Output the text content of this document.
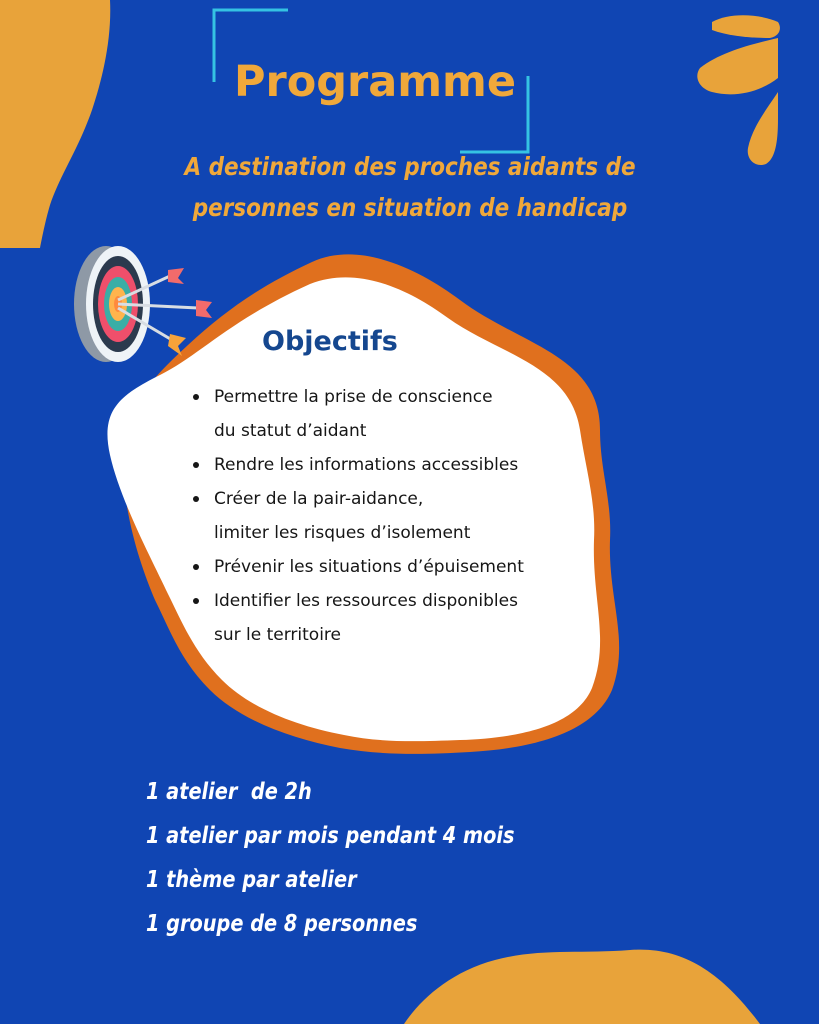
Programme
A destination des proches aidants de
personnes en situation de handicap
Objectifs
Permettre la prise de conscience
du statut d’aidant
Rendre les informations accessibles
Créer de la pair-aidance,
limiter les risques d’isolement
Prévenir les situations d’épuisement
Identifier les ressources disponibles
sur le territoire
1 atelier  de 2h
1 atelier par mois pendant 4 mois
1 thème par atelier
1 groupe de 8 personnes
